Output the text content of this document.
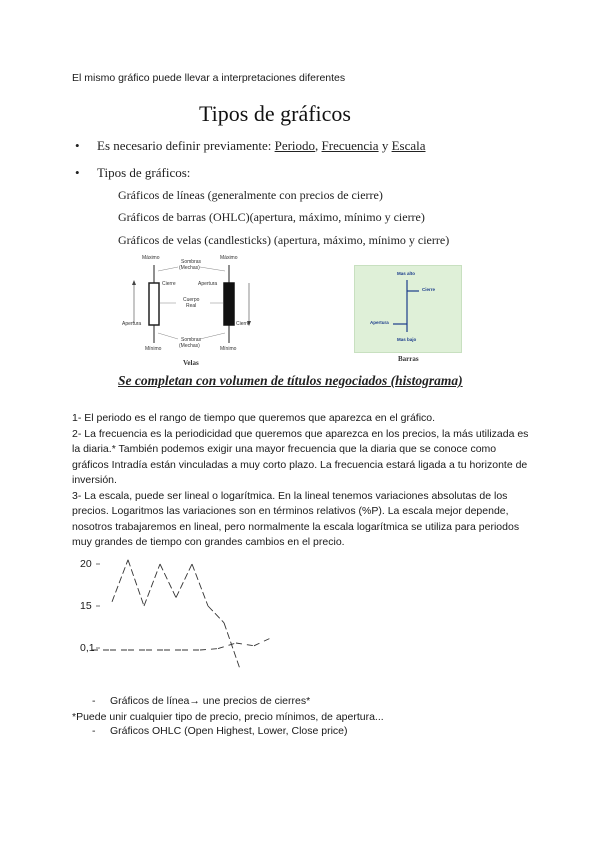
El mismo gráfico puede llevar a interpretaciones diferentes
Tipos de gráficos
• Es necesario definir previamente: Periodo, Frecuencia y Escala
• Tipos de gráficos:
Gráficos de líneas (generalmente con precios de cierre)
Gráficos de barras (OHLC)(apertura, máximo, mínimo y cierre)
Gráficos de velas (candlesticks) (apertura, máximo, mínimo y cierre)
Máximo	Máximo
Sombras
(Mechas)
Cierre	Apertura
Cuerpo
Real
Apertura	Cierre
Sombras
(Mechas)
Mínimo	Mínimo
Velas
Mas alto
Cierre
Apertura
Mas bajo
Barras
Se completan con volumen de títulos negociados (histograma)

1- El periodo es el rango de tiempo que queremos que aparezca en el gráfico.

2- La frecuencia es la periodicidad que queremos que aparezca en los precios, la más utilizada es la diaria.* También podemos exigir una mayor frecuencia que la diaria que se conoce como gráficos Intradía están vinculadas a muy corto plazo. La frecuencia estará ligada a tu horizonte de inversión.

3- La escala, puede ser lineal o logarítmica. En la lineal tenemos variaciones absolutas de los precios. Logaritmos las variaciones son en términos relativos (%P). La escala mejor depende, nosotros trabajaremos en lineal, pero normalmente la escala logarítmica se utiliza para periodos muy grandes de tiempo con grandes cambios en el precio.

20
15
0,1
- Gráficos de línea→ une precios de cierres*
*Puede unir cualquier tipo de precio, precio mínimos, de apertura...
- Gráficos OHLC (Open Highest, Lower, Close price)
